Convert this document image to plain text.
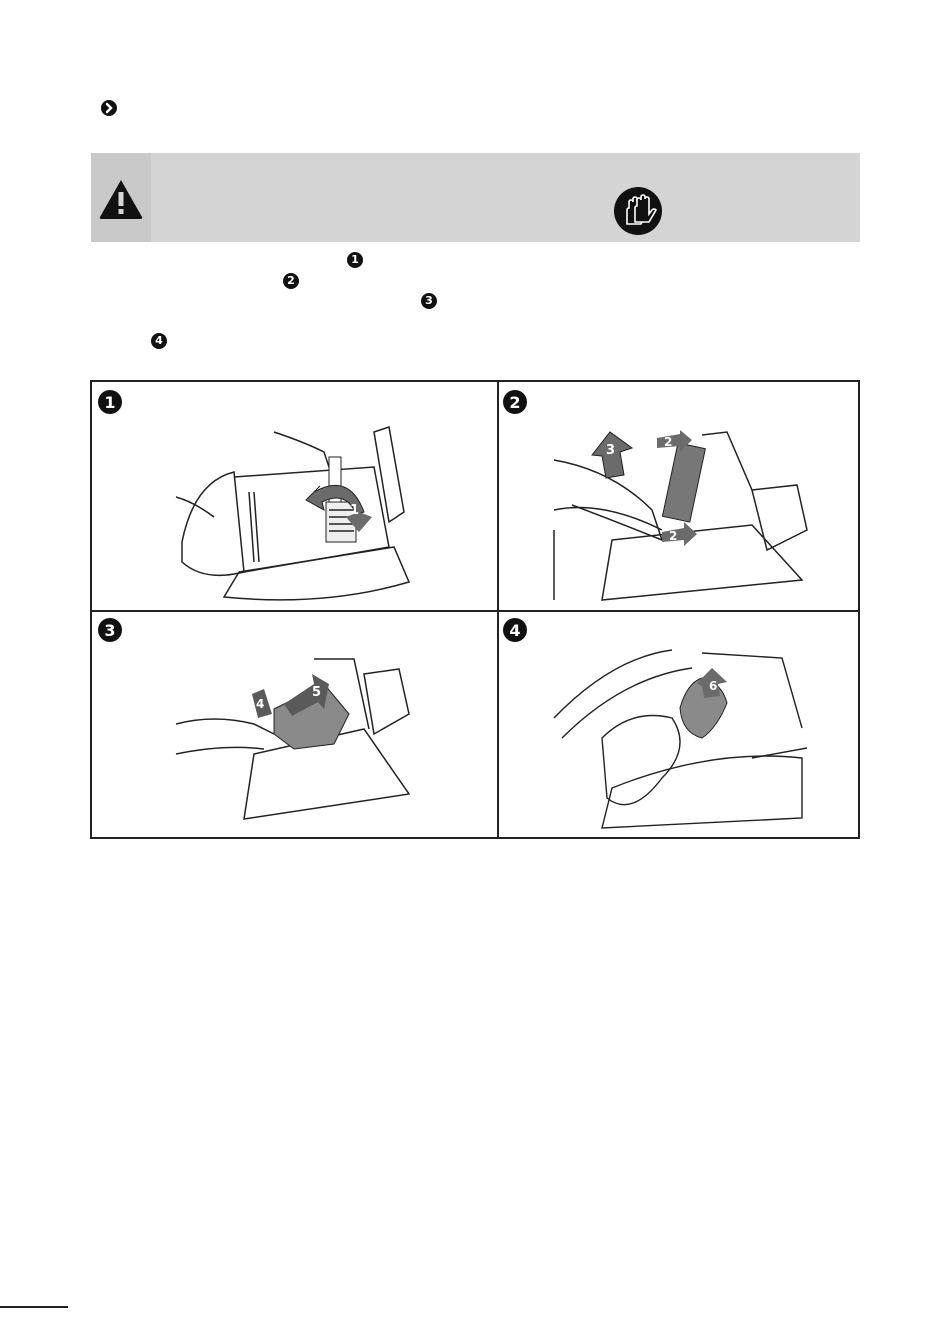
1
2
3
4
1
1
2
3
2
2
3
5
4
4
6
